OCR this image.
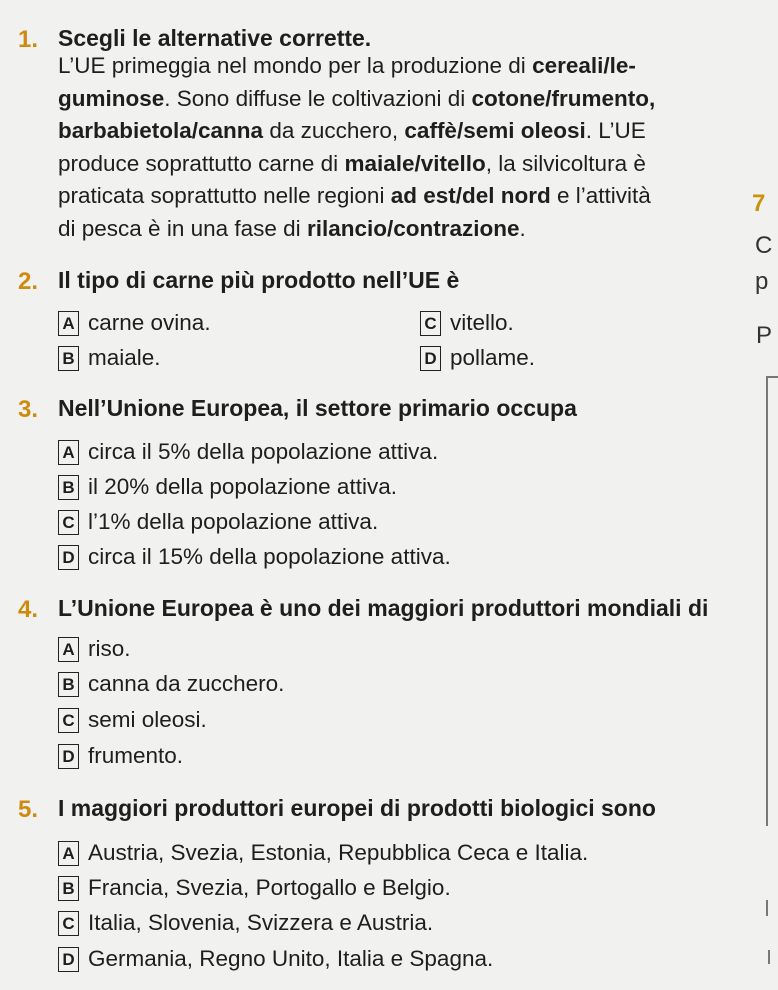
1. Scegli le alternative corrette.

L’UE primeggia nel mondo per la produzione di cereali/le-

guminose. Sono diffuse le coltivazioni di cotone/frumento,

barbabietola/canna da zucchero, caffè/semi oleosi. L’UE

produce soprattutto carne di maiale/vitello, la silvicoltura è

praticata soprattutto nelle regioni ad est/del nord e l’attività

di pesca è in una fase di rilancio/contrazione.

2. Il tipo di carne più prodotto nell’UE è
A carne ovina.	C vitello.
B maiale.	D pollame.
3. Nell’Unione Europea, il settore primario occupa
A circa il 5% della popolazione attiva.
B il 20% della popolazione attiva.
C l’1% della popolazione attiva.
D circa il 15% della popolazione attiva.
4. L’Unione Europea è uno dei maggiori produttori mondiali di
A riso.
B canna da zucchero.
C semi oleosi.
D frumento.
5. I maggiori produttori europei di prodotti biologici sono
A Austria, Svezia, Estonia, Repubblica Ceca e Italia.
B Francia, Svezia, Portogallo e Belgio.
C Italia, Slovenia, Svizzera e Austria.
D Germania, Regno Unito, Italia e Spagna.
7
C
p
P
